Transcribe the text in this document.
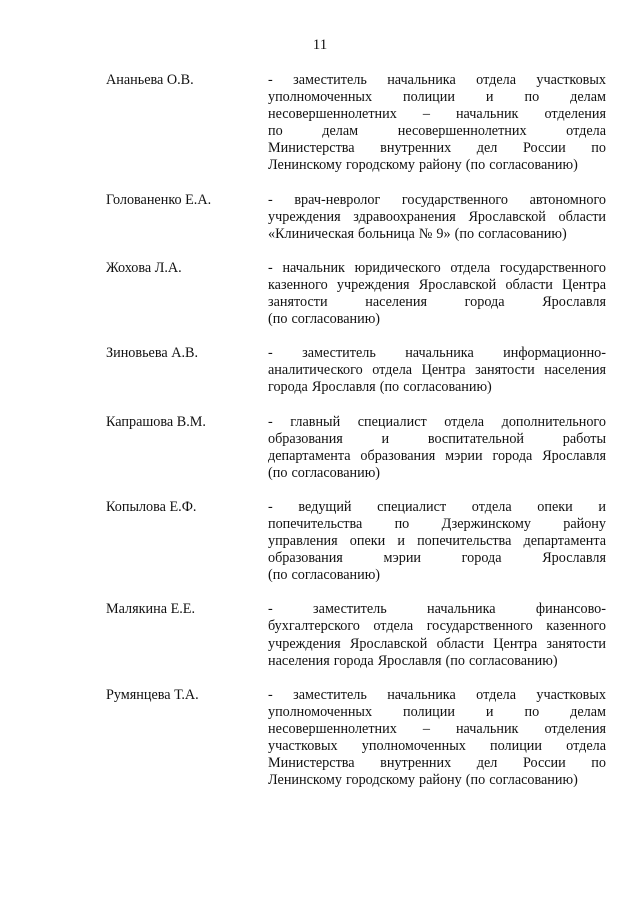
11
Ананьева О.В.	- заместитель начальника отдела участковых
уполномоченных полиции и по делам
несовершеннолетних – начальник отделения
по делам несовершеннолетних отдела
Министерства внутренних дел России по
Ленинскому городскому району (по согласованию)
Голованенко Е.А.	- врач-невролог государственного автономного
учреждения здравоохранения Ярославской области
«Клиническая больница № 9» (по согласованию)
Жохова Л.А.	- начальник юридического отдела государственного
казенного учреждения Ярославской области Центра
занятости населения города Ярославля
(по согласованию)
Зиновьева А.В.	- заместитель начальника информационно-
аналитического отдела Центра занятости населения
города Ярославля (по согласованию)
Капрашова В.М.	- главный специалист отдела дополнительного
образования и воспитательной работы
департамента образования мэрии города Ярославля
(по согласованию)
Копылова Е.Ф.	- ведущий специалист отдела опеки и
попечительства по Дзержинскому району
управления опеки и попечительства департамента
образования мэрии города Ярославля
(по согласованию)
Малякина Е.Е.	- заместитель начальника финансово-
бухгалтерского отдела государственного казенного
учреждения Ярославской области Центра занятости
населения города Ярославля (по согласованию)
Румянцева Т.А.	- заместитель начальника отдела участковых
уполномоченных полиции и по делам
несовершеннолетних – начальник отделения
участковых уполномоченных полиции отдела
Министерства внутренних дел России по
Ленинскому городскому району (по согласованию)
